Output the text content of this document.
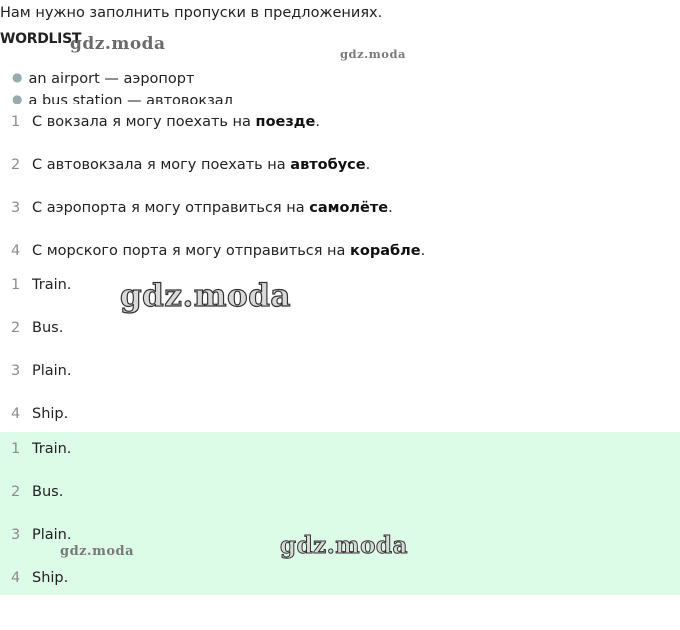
Нам нужно заполнить пропуски в предложениях.
WORDLIST
● an airport — аэропорт
● a bus station — автовокзал
1 С вокзала я могу поехать на поезде.
2 С автовокзала я могу поехать на автобусе.
3 С аэропорта я могу отправиться на самолёте.
4 С морского порта я могу отправиться на корабле.
1 Train.
2 Bus.
3 Plain.
4 Ship.
1 Train.
2 Bus.
3 Plain.
4 Ship.
gdz.moda	gdz.moda
gdz.moda
gdz.moda	gdz.moda
